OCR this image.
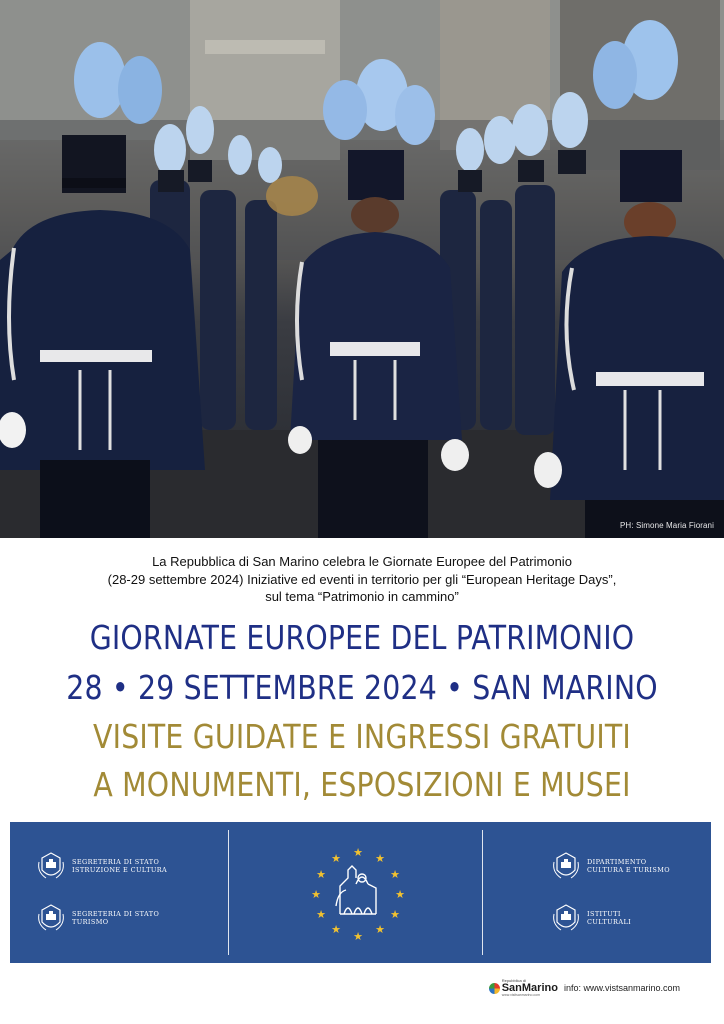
PH: Simone Maria Fiorani
La Repubblica di San Marino celebra le Giornate Europee del Patrimonio
(28-29 settembre 2024) Iniziative ed eventi in territorio per gli “European Heritage Days”,
sul tema “Patrimonio in cammino”
GIORNATE EUROPEE DEL PATRIMONIO
28 • 29 SETTEMBRE 2024 • SAN MARINO
VISITE GUIDATE E INGRESSI GRATUITI
A MONUMENTI, ESPOSIZIONI E MUSEI
SEGRETERIA DI STATO
ISTRUZIONE E CULTURA
SEGRETERIA DI STATO
TURISMO
★ ★
★
★
★
★
★
★
★
★
★
★	DIPARTIMENTO
CULTURA E TURISMO
ISTITUTI
CULTURALI
Repubblica di
SanMarino
www.visitsanmarino.com
info: www.vistsanmarino.com
